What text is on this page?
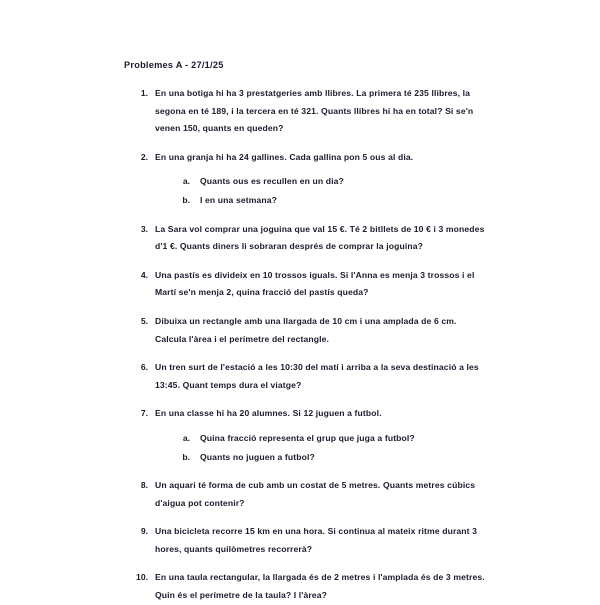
Problemes A - 27/1/25
1. En una botiga hi ha 3 prestatgeries amb llibres. La primera té 235 llibres, la segona en té 189, i la tercera en té 321. Quants llibres hi ha en total? Si se'n venen 150, quants en queden?

2. En una granja hi ha 24 gallines. Cada gallina pon 5 ous al dia.

a. Quants ous es recullen en un dia?

b. I en una setmana?

3. La Sara vol comprar una joguina que val 15 €. Té 2 bitllets de 10 € i 3 monedes d'1 €. Quants diners li sobraran després de comprar la joguina?

4. Una pastís es divideix en 10 trossos iguals. Si l'Anna es menja 3 trossos i el Martí se'n menja 2, quina fracció del pastís queda?

5. Dibuixa un rectangle amb una llargada de 10 cm i una amplada de 6 cm. Calcula l'àrea i el perímetre del rectangle.

6. Un tren surt de l'estació a les 10:30 del matí i arriba a la seva destinació a les 13:45. Quant temps dura el viatge?

7. En una classe hi ha 20 alumnes. Si 12 juguen a futbol.

a. Quina fracció representa el grup que juga a futbol?

b. Quants no juguen a futbol?

8. Un aquari té forma de cub amb un costat de 5 metres. Quants metres cúbics d'aigua pot contenir?

9. Una bicicleta recorre 15 km en una hora. Si continua al mateix ritme durant 3 hores, quants quilòmetres recorrerà?

10. En una taula rectangular, la llargada és de 2 metres i l'amplada és de 3 metres. Quin és el perímetre de la taula? I l'àrea?
